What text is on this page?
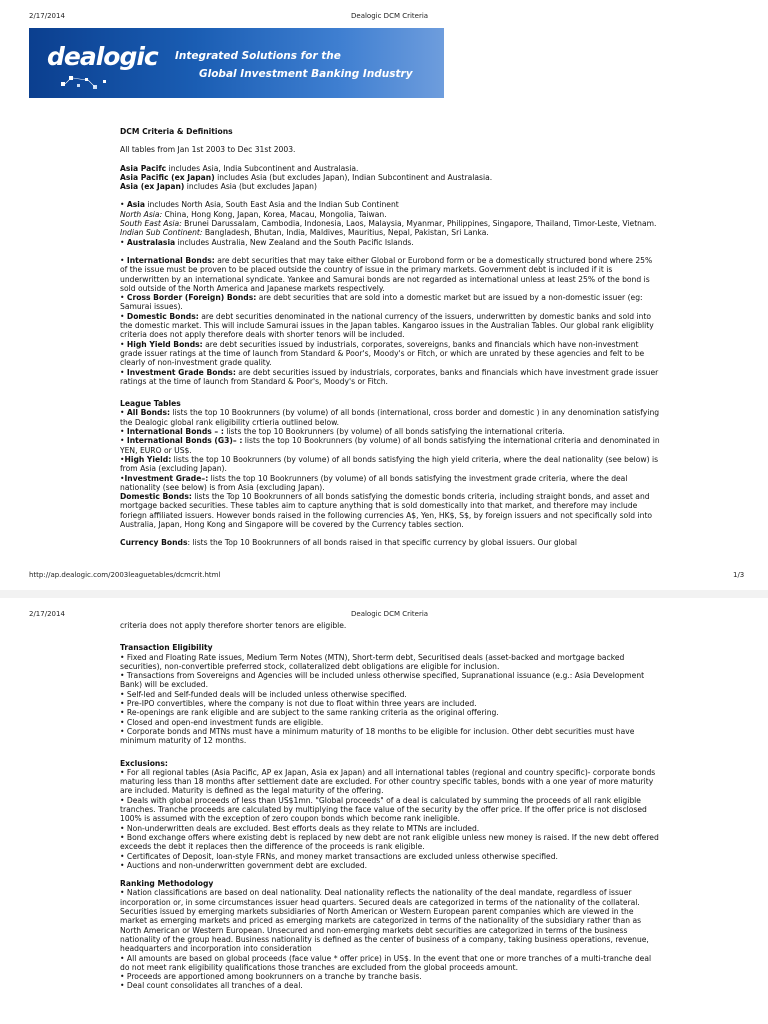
2/17/2014	Dealogic DCM Criteria
dealogic Integrated Solutions for the
Global Investment Banking Industry

DCM Criteria & Definitions

All tables from Jan 1st 2003 to Dec 31st 2003.

Asia Pacifc includes Asia, India Subcontinent and Australasia.

Asia Pacific (ex Japan) includes Asia (but excludes Japan), Indian Subcontinent and Australasia.

Asia (ex Japan) includes Asia (but excludes Japan)

• Asia includes North Asia, South East Asia and the Indian Sub Continent

North Asia: China, Hong Kong, Japan, Korea, Macau, Mongolia, Taiwan.

South East Asia: Brunei Darussalam, Cambodia, Indonesia, Laos, Malaysia, Myanmar, Philippines, Singapore, Thailand, Timor-Leste, Vietnam.

Indian Sub Continent: Bangladesh, Bhutan, India, Maldives, Mauritius, Nepal, Pakistan, Sri Lanka.

• Australasia includes Australia, New Zealand and the South Pacific Islands.

• International Bonds: are debt securities that may take either Global or Eurobond form or be a domestically structured bond where 25% of the issue must be proven to be placed outside the country of issue in the primary markets. Government debt is included if it is underwritten by an international syndicate. Yankee and Samurai bonds are not regarded as international unless at least 25% of the bond is sold outside of the North America and Japanese markets respectively.

• Cross Border (Foreign) Bonds: are debt securities that are sold into a domestic market but are issued by a non-domestic issuer (eg: Samurai issues).

• Domestic Bonds: are debt securities denominated in the national currency of the issuers, underwritten by domestic banks and sold into the domestic market. This will include Samurai issues in the Japan tables. Kangaroo issues in the Australian Tables. Our global rank eligiblity criteria does not apply therefore deals with shorter tenors will be included.

• High Yield Bonds: are debt securities issued by industrials, corporates, sovereigns, banks and financials which have non-investment grade issuer ratings at the time of launch from Standard & Poor's, Moody's or Fitch, or which are unrated by these agencies and felt to be clearly of non-investment grade quality.

• Investment Grade Bonds: are debt securities issued by industrials, corporates, banks and financials which have investment grade issuer ratings at the time of launch from Standard & Poor's, Moody's or Fitch.

League Tables

• All Bonds: lists the top 10 Bookrunners (by volume) of all bonds (international, cross border and domestic ) in any denomination satisfying the Dealogic global rank eligibility crtieria outlined below.

• International Bonds – : lists the top 10 Bookrunners (by volume) of all bonds satisfying the international criteria.

• International Bonds (G3)– : lists the top 10 Bookrunners (by volume) of all bonds satisfying the international criteria and denominated in YEN, EURO or US$.

•High Yield: lists the top 10 Bookrunners (by volume) of all bonds satisfying the high yield criteria, where the deal nationality (see below) is from Asia (excluding Japan).

•Investment Grade–: lists the top 10 Bookrunners (by volume) of all bonds satisfying the investment grade criteria, where the deal nationality (see below) is from Asia (excluding Japan).

Domestic Bonds: lists the Top 10 Bookrunners of all bonds satisfying the domestic bonds criteria, including straight bonds, and asset and mortgage backed securities. These tables aim to capture anything that is sold domestically into that market, and therefore may include foriegn affiliated issuers. However bonds raised in the following currencies A$, Yen, HK$, S$, by foreign issuers and not specifically sold into Australia, Japan, Hong Kong and Singapore will be covered by the Currency tables section.

Currency Bonds: lists the Top 10 Bookrunners of all bonds raised in that specific currency by global issuers. Our global

http://ap.dealogic.com/2003leaguetables/dcmcrit.html	1/3
2/17/2014	Dealogic DCM Criteria

criteria does not apply therefore shorter tenors are eligible.

Transaction Eligibility

• Fixed and Floating Rate issues, Medium Term Notes (MTN), Short-term debt, Securitised deals (asset-backed and mortgage backed securities), non-convertible preferred stock, collateralized debt obligations are eligible for inclusion.

• Transactions from Sovereigns and Agencies will be included unless otherwise specified, Supranational issuance (e.g.: Asia Development Bank) will be excluded.

• Self-led and Self-funded deals will be included unless otherwise specified.

• Pre-IPO convertibles, where the company is not due to float within three years are included.

• Re-openings are rank eligible and are subject to the same ranking criteria as the original offering.

• Closed and open-end investment funds are eligible.

• Corporate bonds and MTNs must have a minimum maturity of 18 months to be eligible for inclusion. Other debt securities must have minimum maturity of 12 months.

Exclusions:

• For all regional tables (Asia Pacific, AP ex Japan, Asia ex Japan) and all international tables (regional and country specific)- corporate bonds maturing less than 18 months after settlement date are excluded. For other country specific tables, bonds with a one year of more maturity are included. Maturity is defined as the legal maturity of the offering.

• Deals with global proceeds of less than US$1mn. "Global proceeds" of a deal is calculated by summing the proceeds of all rank eligible tranches. Tranche proceeds are calculated by multiplying the face value of the security by the offer price. If the offer price is not disclosed 100% is assumed with the exception of zero coupon bonds which become rank ineligible.

• Non-underwritten deals are excluded. Best efforts deals as they relate to MTNs are included.

• Bond exchange offers where existing debt is replaced by new debt are not rank eligible unless new money is raised. If the new debt offered exceeds the debt it replaces then the difference of the proceeds is rank eligible.

• Certificates of Deposit, loan-style FRNs, and money market transactions are excluded unless otherwise specified.

• Auctions and non-underwritten government debt are excluded.

Ranking Methodology

• Nation classifications are based on deal nationality. Deal nationality reflects the nationality of the deal mandate, regardless of issuer incorporation or, in some circumstances issuer head quarters. Secured deals are categorized in terms of the nationality of the collateral. Securities issued by emerging markets subsidiaries of North American or Western European parent companies which are viewed in the market as emerging markets and priced as emerging markets are categorized in terms of the nationality of the subsidiary rather than as North American or Western European. Unsecured and non-emerging markets debt securities are categorized in terms of the business nationality of the group head. Business nationality is defined as the center of business of a company, taking business operations, revenue, headquarters and incorporation into consideration

• All amounts are based on global proceeds (face value * offer price) in US$. In the event that one or more tranches of a multi-tranche deal do not meet rank eligibility qualifications those tranches are excluded from the global proceeds amount.

• Proceeds are apportioned among bookrunners on a tranche by tranche basis.

• Deal count consolidates all tranches of a deal.
